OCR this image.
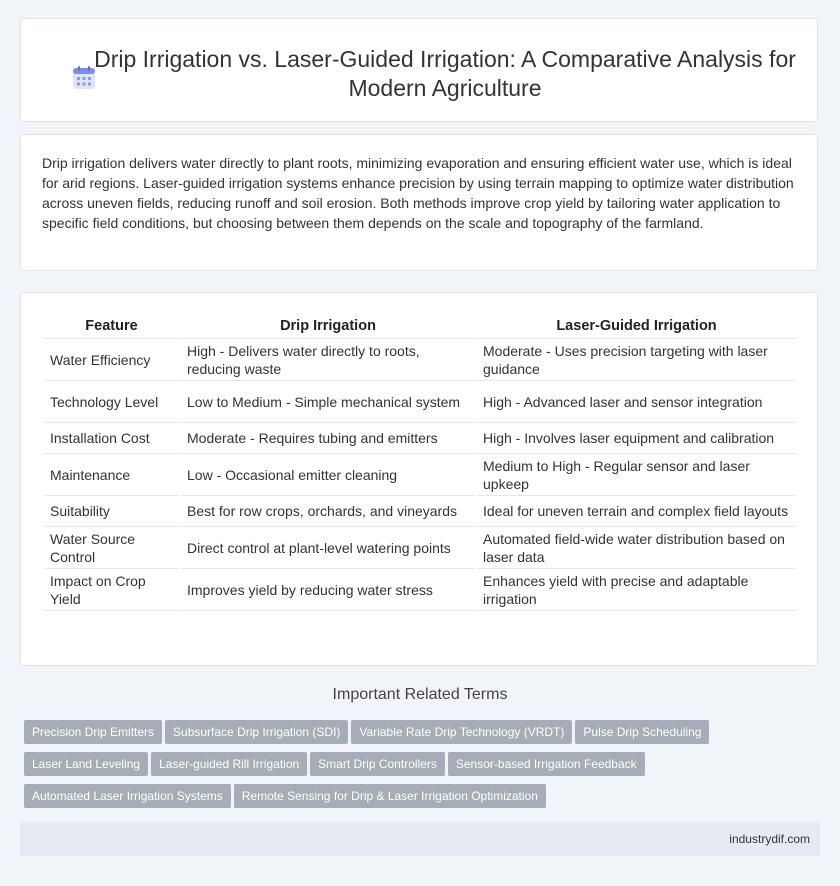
Drip Irrigation vs. Laser-Guided Irrigation: A Comparative Analysis for Modern Agriculture

Drip irrigation delivers water directly to plant roots, minimizing evaporation and ensuring efficient water use, which is ideal for arid regions. Laser-guided irrigation systems enhance precision by using terrain mapping to optimize water distribution across uneven fields, reducing runoff and soil erosion. Both methods improve crop yield by tailoring water application to specific field conditions, but choosing between them depends on the scale and topography of the farmland.

Feature	Drip Irrigation	Laser-Guided Irrigation
Water Efficiency	High - Delivers water directly to roots, reducing waste	Moderate - Uses precision targeting with laser guidance
Technology Level	Low to Medium - Simple mechanical system	High - Advanced laser and sensor integration
Installation Cost	Moderate - Requires tubing and emitters	High - Involves laser equipment and calibration
Maintenance	Low - Occasional emitter cleaning	Medium to High - Regular sensor and laser upkeep
Suitability	Best for row crops, orchards, and vineyards	Ideal for uneven terrain and complex field layouts
Water Source Control	Direct control at plant-level watering points	Automated field-wide water distribution based on laser data
Impact on Crop Yield	Improves yield by reducing water stress	Enhances yield with precise and adaptable irrigation
Important Related Terms
Precision Drip Emitters Subsurface Drip Irrigation (SDI) Variable Rate Drip Technology (VRDT) Pulse Drip Scheduling
Laser Land Leveling Laser-guided Rill Irrigation Smart Drip Controllers Sensor-based Irrigation Feedback
Automated Laser Irrigation Systems Remote Sensing for Drip & Laser Irrigation Optimization
industrydif.com
